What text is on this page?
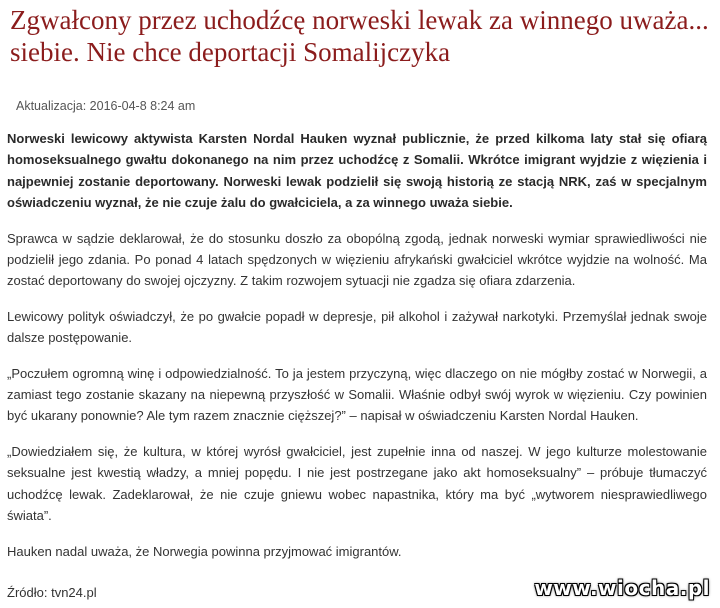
Zgwałcony przez uchodźcę norweski lewak za winnego uważa... siebie. Nie chce deportacji Somalijczyka
Aktualizacja: 2016-04-8 8:24 am

Norweski lewicowy aktywista Karsten Nordal Hauken wyznał publicznie, że przed kilkoma laty stał się ofiarą homoseksualnego gwałtu dokonanego na nim przez uchodźcę z Somalii. Wkrótce imigrant wyjdzie z więzienia i najpewniej zostanie deportowany. Norweski lewak podzielił się swoją historią ze stacją NRK, zaś w specjalnym oświadczeniu wyznał, że nie czuje żalu do gwałciciela, a za winnego uważa siebie.

Sprawca w sądzie deklarował, że do stosunku doszło za obopólną zgodą, jednak norweski wymiar sprawiedliwości nie podzielił jego zdania. Po ponad 4 latach spędzonych w więzieniu afrykański gwałciciel wkrótce wyjdzie na wolność. Ma zostać deportowany do swojej ojczyzny. Z takim rozwojem sytuacji nie zgadza się ofiara zdarzenia.

Lewicowy polityk oświadczył, że po gwałcie popadł w depresje, pił alkohol i zażywał narkotyki. Przemyślał jednak swoje dalsze postępowanie.

„Poczułem ogromną winę i odpowiedzialność. To ja jestem przyczyną, więc dlaczego on nie mógłby zostać w Norwegii, a zamiast tego zostanie skazany na niepewną przyszłość w Somalii. Właśnie odbył swój wyrok w więzieniu. Czy powinien być ukarany ponownie? Ale tym razem znacznie cięższej?” – napisał w oświadczeniu Karsten Nordal Hauken.

„Dowiedziałem się, że kultura, w której wyrósł gwałciciel, jest zupełnie inna od naszej. W jego kulturze molestowanie seksualne jest kwestią władzy, a mniej popędu. I nie jest postrzegane jako akt homoseksualny” – próbuje tłumaczyć uchodźcę lewak. Zadeklarował, że nie czuje gniewu wobec napastnika, który ma być „wytworem niesprawiedliwego świata”.

Hauken nadal uważa, że Norwegia powinna przyjmować imigrantów.

Źródło: tvn24.pl	www.wiocha.pl
